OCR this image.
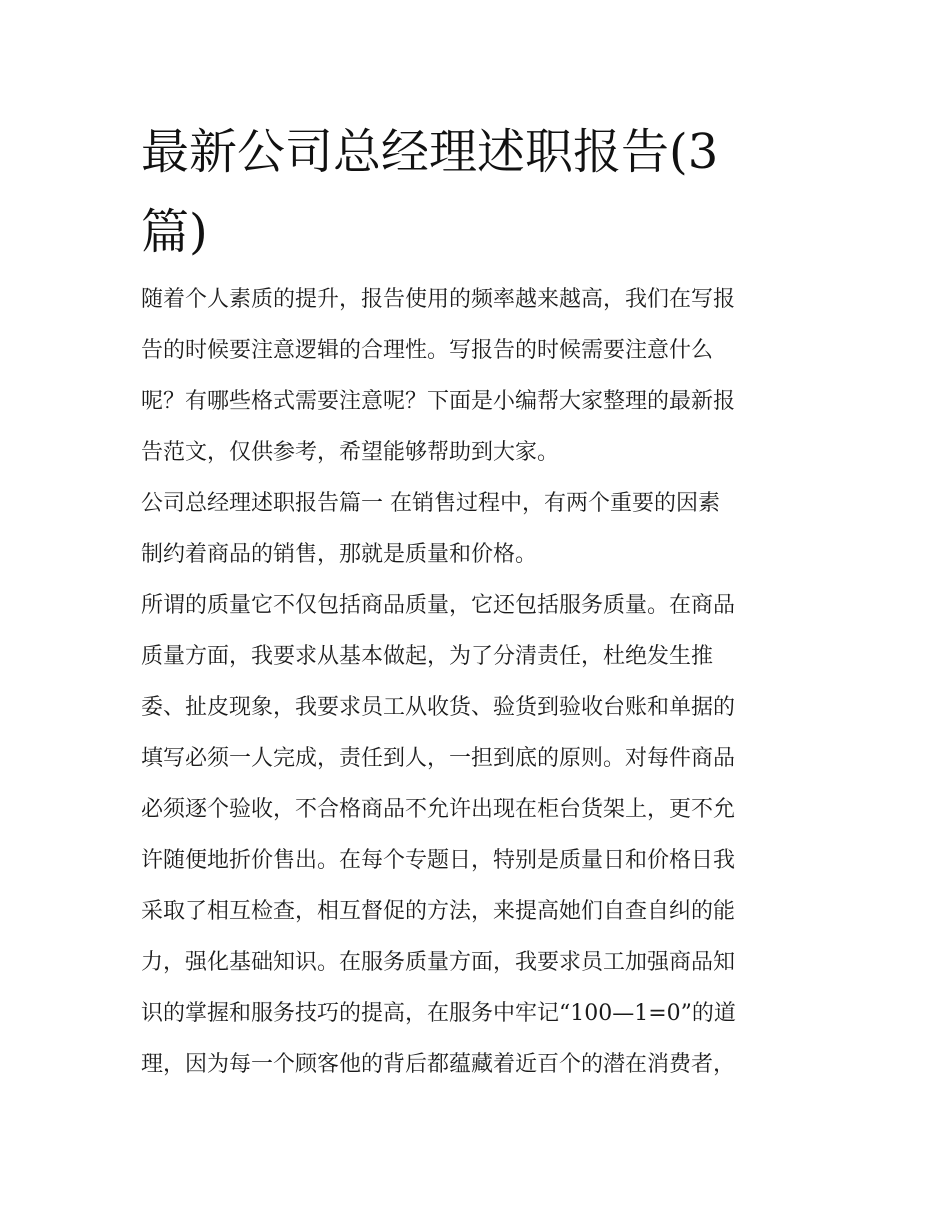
最新公司总经理述职报告(3
篇)
随着个人素质的提升，报告使用的频率越来越高，我们在写报
告的时候要注意逻辑的合理性。写报告的时候需要注意什么
呢？有哪些格式需要注意呢？下面是小编帮大家整理的最新报
告范文，仅供参考，希望能够帮助到大家。
公司总经理述职报告篇一 在销售过程中，有两个重要的因素
制约着商品的销售，那就是质量和价格。
所谓的质量它不仅包括商品质量，它还包括服务质量。在商品
质量方面，我要求从基本做起，为了分清责任，杜绝发生推
委、扯皮现象，我要求员工从收货、验货到验收台账和单据的
填写必须一人完成，责任到人，一担到底的原则。对每件商品
必须逐个验收，不合格商品不允许出现在柜台货架上，更不允
许随便地折价售出。在每个专题日，特别是质量日和价格日我
采取了相互检查，相互督促的方法，来提高她们自查自纠的能
力，强化基础知识。在服务质量方面，我要求员工加强商品知
识的掌握和服务技巧的提高，在服务中牢记“100—1=0”的道
理，因为每一个顾客他的背后都蕴藏着近百个的潜在消费者，
